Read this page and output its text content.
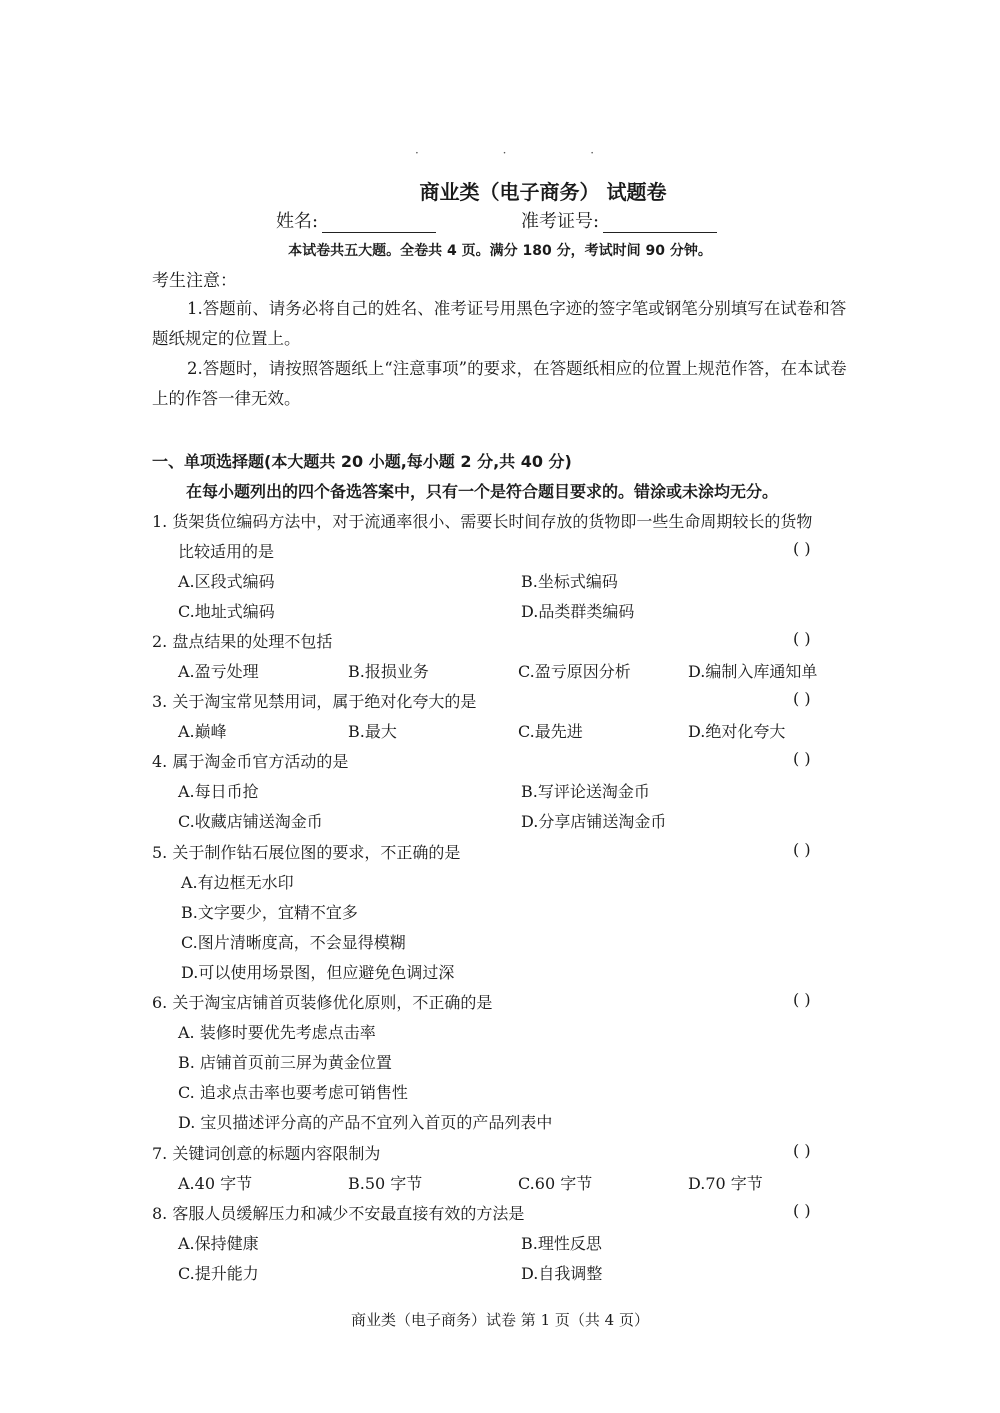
· · ·
商业类（电子商务） 试题卷
姓名:	准考证号:
本试卷共五大题。全卷共 4 页。满分 180 分，考试时间 90 分钟。
考生注意：
1.答题前、请务必将自己的姓名、准考证号用黑色字迹的签字笔或钢笔分别填写在试卷和答题纸规定的位置上。
2.答题时，请按照答题纸上“注意事项”的要求，在答题纸相应的位置上规范作答，在本试卷上的作答一律无效。
一、单项选择题(本大题共 20 小题,每小题 2 分,共 40 分)
在每小题列出的四个备选答案中，只有一个是符合题目要求的。错涂或未涂均无分。
1. 货架货位编码方法中，对于流通率很小、需要长时间存放的货物即一些生命周期较长的货物
比较适用的是	( )
A.区段式编码	B.坐标式编码
C.地址式编码	D.品类群类编码
2. 盘点结果的处理不包括	( )
A.盈亏处理	B.报损业务	C.盈亏原因分析	D.编制入库通知单
3. 关于淘宝常见禁用词，属于绝对化夸大的是	( )
A.巅峰	B.最大	C.最先进	D.绝对化夸大
4. 属于淘金币官方活动的是	( )
A.每日币抢	B.写评论送淘金币
C.收藏店铺送淘金币	D.分享店铺送淘金币
5. 关于制作钻石展位图的要求，不正确的是	( )
A.有边框无水印
B.文字要少，宜精不宜多
C.图片清晰度高，不会显得模糊
D.可以使用场景图，但应避免色调过深
6. 关于淘宝店铺首页装修优化原则，不正确的是	( )
A. 装修时要优先考虑点击率
B. 店铺首页前三屏为黄金位置
C. 追求点击率也要考虑可销售性
D. 宝贝描述评分高的产品不宜列入首页的产品列表中
7. 关键词创意的标题内容限制为	( )
A.40 字节	B.50 字节	C.60 字节	D.70 字节
8. 客服人员缓解压力和减少不安最直接有效的方法是	( )
A.保持健康	B.理性反思
C.提升能力	D.自我调整
商业类（电子商务）试卷 第 1 页（共 4 页）
